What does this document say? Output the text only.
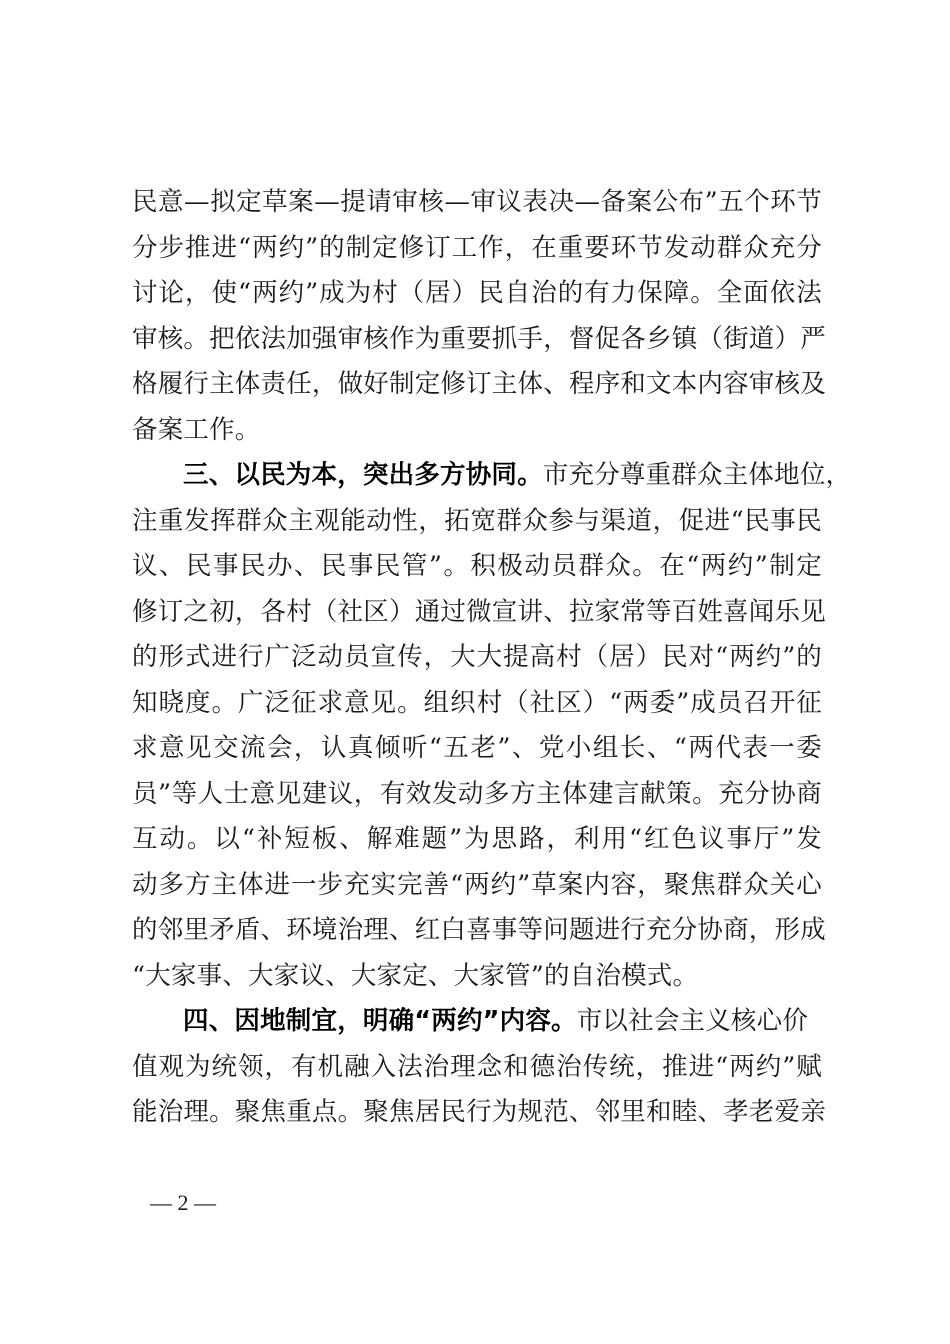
民意—拟定草案—提请审核—审议表决—备案公布”五个环节
分步推进“两约”的制定修订工作，在重要环节发动群众充分
讨论，使“两约”成为村（居）民自治的有力保障。全面依法
审核。把依法加强审核作为重要抓手，督促各乡镇（街道）严
格履行主体责任，做好制定修订主体、程序和文本内容审核及
备案工作。
三、以民为本，突出多方协同。市充分尊重群众主体地位，
注重发挥群众主观能动性，拓宽群众参与渠道，促进“民事民
议、民事民办、民事民管”。积极动员群众。在“两约”制定
修订之初，各村（社区）通过微宣讲、拉家常等百姓喜闻乐见
的形式进行广泛动员宣传，大大提高村（居）民对“两约”的
知晓度。广泛征求意见。组织村（社区）“两委”成员召开征
求意见交流会，认真倾听“五老”、党小组长、“两代表一委
员”等人士意见建议，有效发动多方主体建言献策。充分协商
互动。以“补短板、解难题”为思路，利用“红色议事厅”发
动多方主体进一步充实完善“两约”草案内容，聚焦群众关心
的邻里矛盾、环境治理、红白喜事等问题进行充分协商，形成
“大家事、大家议、大家定、大家管”的自治模式。
四、因地制宜，明确“两约”内容。市以社会主义核心价
值观为统领，有机融入法治理念和德治传统，推进“两约”赋
能治理。聚焦重点。聚焦居民行为规范、邻里和睦、孝老爱亲
— 2 —
